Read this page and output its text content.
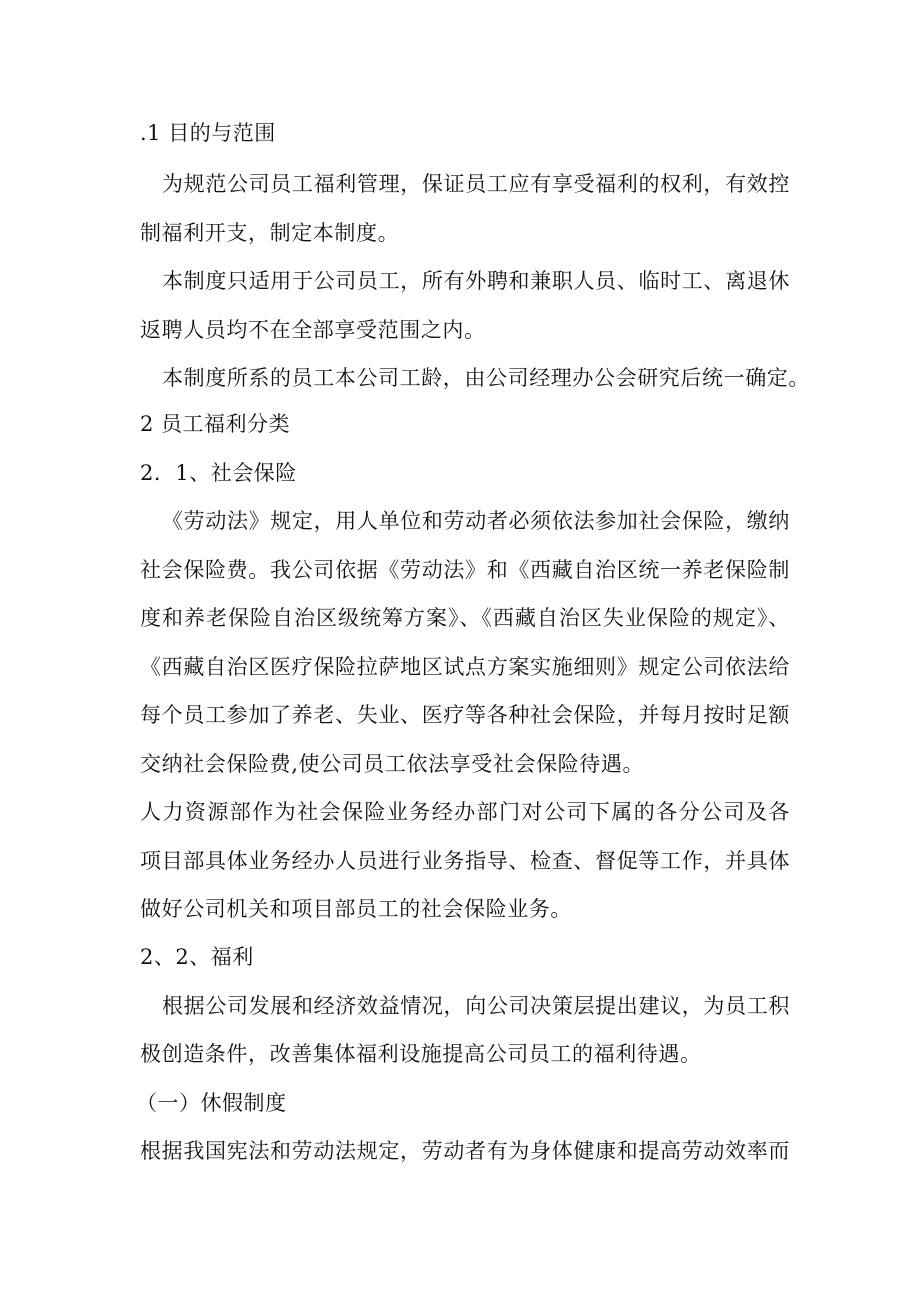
.1 目的与范围
为规范公司员工福利管理，保证员工应有享受福利的权利，有效控
制福利开支，制定本制度。
本制度只适用于公司员工，所有外聘和兼职人员、临时工、离退休
返聘人员均不在全部享受范围之内。
本制度所系的员工本公司工龄，由公司经理办公会研究后统一确定。
2 员工福利分类
2．1、社会保险
《劳动法》规定，用人单位和劳动者必须依法参加社会保险，缴纳
社会保险费。我公司依据《劳动法》和《西藏自治区统一养老保险制
度和养老保险自治区级统筹方案》、《西藏自治区失业保险的规定》、
《西藏自治区医疗保险拉萨地区试点方案实施细则》规定公司依法给
每个员工参加了养老、失业、医疗等各种社会保险，并每月按时足额
交纳社会保险费,使公司员工依法享受社会保险待遇。
人力资源部作为社会保险业务经办部门对公司下属的各分公司及各
项目部具体业务经办人员进行业务指导、检查、督促等工作，并具体
做好公司机关和项目部员工的社会保险业务。
2、2、福利
根据公司发展和经济效益情况，向公司决策层提出建议，为员工积
极创造条件，改善集体福利设施提高公司员工的福利待遇。
（一）休假制度
根据我国宪法和劳动法规定，劳动者有为身体健康和提高劳动效率而
